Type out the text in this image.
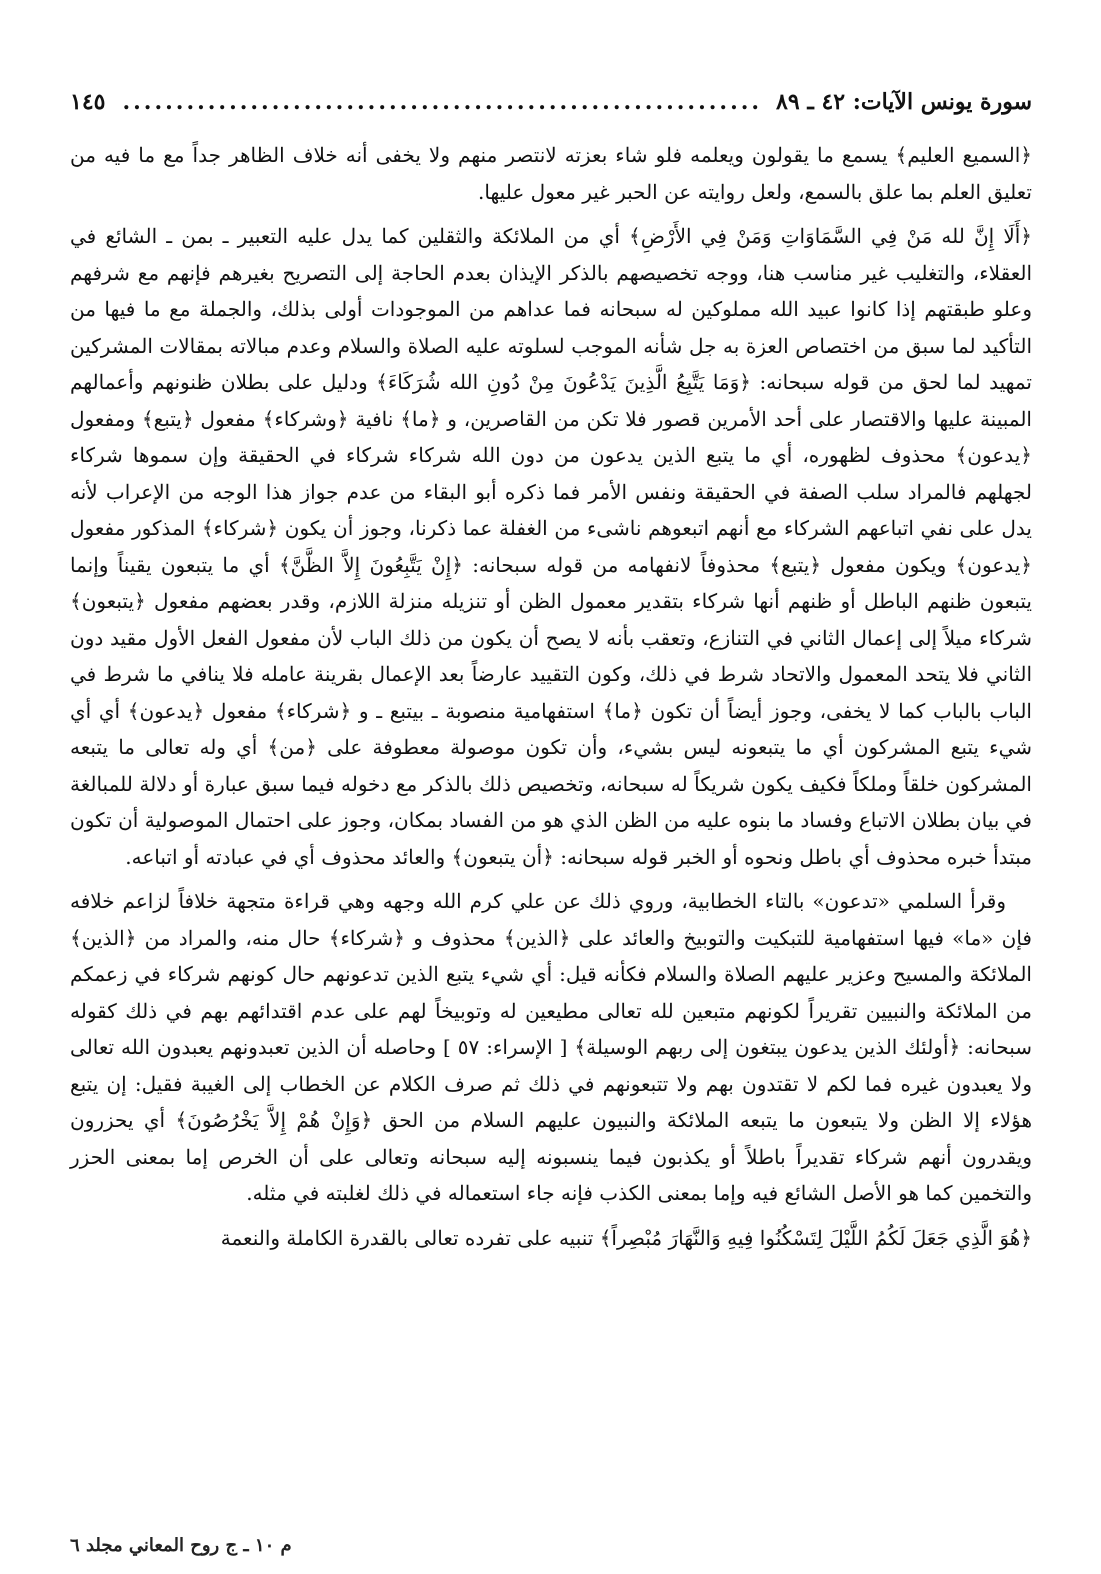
سورة يونس الآيات: ٤٢ ـ ٨٩
.....
١٤٥

﴿السميع العليم﴾ يسمع ما يقولون ويعلمه فلو شاء بعزته لانتصر منهم ولا يخفى أنه خلاف الظاهر جداً مع ما فيه من تعليق العلم بما علق بالسمع، ولعل روايته عن الحبر غير معول عليها.

﴿أَلَا إِنَّ لله مَنْ فِي السَّمَاوَاتِ وَمَنْ فِي الأَرْضِ﴾ أي من الملائكة والثقلين كما يدل عليه التعبير ـ بمن ـ الشائع في العقلاء، والتغليب غير مناسب هنا، ووجه تخصيصهم بالذكر الإيذان بعدم الحاجة إلى التصريح بغيرهم فإنهم مع شرفهم وعلو طبقتهم إذا كانوا عبيد الله مملوكين له سبحانه فما عداهم من الموجودات أولى بذلك، والجملة مع ما فيها من التأكيد لما سبق من اختصاص العزة به جل شأنه الموجب لسلوته عليه الصلاة والسلام وعدم مبالاته بمقالات المشركين تمهيد لما لحق من قوله سبحانه: ﴿وَمَا يَتَّبِعُ الَّذِينَ يَدْعُونَ مِنْ دُونِ الله شُرَكَاءَ﴾ ودليل على بطلان ظنونهم وأعمالهم المبينة عليها والاقتصار على أحد الأمرين قصور فلا تكن من القاصرين، و ﴿ما﴾ نافية ﴿وشركاء﴾ مفعول ﴿يتبع﴾ ومفعول ﴿يدعون﴾ محذوف لظهوره، أي ما يتبع الذين يدعون من دون الله شركاء شركاء في الحقيقة وإن سموها شركاء لجهلهم فالمراد سلب الصفة في الحقيقة ونفس الأمر فما ذكره أبو البقاء من عدم جواز هذا الوجه من الإعراب لأنه يدل على نفي اتباعهم الشركاء مع أنهم اتبعوهم ناشىء من الغفلة عما ذكرنا، وجوز أن يكون ﴿شركاء﴾ المذكور مفعول ﴿يدعون﴾ ويكون مفعول ﴿يتبع﴾ محذوفاً لانفهامه من قوله سبحانه: ﴿إِنْ يَتَّبِعُونَ إِلاَّ الظَّنَّ﴾ أي ما يتبعون يقيناً وإنما يتبعون ظنهم الباطل أو ظنهم أنها شركاء بتقدير معمول الظن أو تنزيله منزلة اللازم، وقدر بعضهم مفعول ﴿يتبعون﴾ شركاء ميلاً إلى إعمال الثاني في التنازع، وتعقب بأنه لا يصح أن يكون من ذلك الباب لأن مفعول الفعل الأول مقيد دون الثاني فلا يتحد المعمول والاتحاد شرط في ذلك، وكون التقييد عارضاً بعد الإعمال بقرينة عامله فلا ينافي ما شرط في الباب بالباب كما لا يخفى، وجوز أيضاً أن تكون ﴿ما﴾ استفهامية منصوبة ـ بيتبع ـ و ﴿شركاء﴾ مفعول ﴿يدعون﴾ أي أي شيء يتبع المشركون أي ما يتبعونه ليس بشيء، وأن تكون موصولة معطوفة على ﴿من﴾ أي وله تعالى ما يتبعه المشركون خلقاً وملكاً فكيف يكون شريكاً له سبحانه، وتخصيص ذلك بالذكر مع دخوله فيما سبق عبارة أو دلالة للمبالغة في بيان بطلان الاتباع وفساد ما بنوه عليه من الظن الذي هو من الفساد بمكان، وجوز على احتمال الموصولية أن تكون مبتدأ خبره محذوف أي باطل ونحوه أو الخبر قوله سبحانه: ﴿أن يتبعون﴾ والعائد محذوف أي في عبادته أو اتباعه.

وقرأ السلمي «تدعون» بالتاء الخطابية، وروي ذلك عن علي كرم الله وجهه وهي قراءة متجهة خلافاً لزاعم خلافه فإن «ما» فيها استفهامية للتبكيت والتوبيخ والعائد على ﴿الذين﴾ محذوف و ﴿شركاء﴾ حال منه، والمراد من ﴿الذين﴾ الملائكة والمسيح وعزير عليهم الصلاة والسلام فكأنه قيل: أي شيء يتبع الذين تدعونهم حال كونهم شركاء في زعمكم من الملائكة والنبيين تقريراً لكونهم متبعين لله تعالى مطيعين له وتوبيخاً لهم على عدم اقتدائهم بهم في ذلك كقوله سبحانه: ﴿أولئك الذين يدعون يبتغون إلى ربهم الوسيلة﴾ [ الإسراء: ٥٧ ] وحاصله أن الذين تعبدونهم يعبدون الله تعالى ولا يعبدون غيره فما لكم لا تقتدون بهم ولا تتبعونهم في ذلك ثم صرف الكلام عن الخطاب إلى الغيبة فقيل: إن يتبع هؤلاء إلا الظن ولا يتبعون ما يتبعه الملائكة والنبيون عليهم السلام من الحق ﴿وَإِنْ هُمْ إِلاَّ يَخْرُصُونَ﴾ أي يحزرون ويقدرون أنهم شركاء تقديراً باطلاً أو يكذبون فيما ينسبونه إليه سبحانه وتعالى على أن الخرص إما بمعنى الحزر والتخمين كما هو الأصل الشائع فيه وإما بمعنى الكذب فإنه جاء استعماله في ذلك لغلبته في مثله.

﴿هُوَ الَّذِي جَعَلَ لَكُمُ اللَّيْلَ لِتَسْكُنُوا فِيهِ وَالنَّهَارَ مُبْصِراً﴾ تنبيه على تفرده تعالى بالقدرة الكاملة والنعمة

م ١٠ ـ ج روح المعاني مجلد ٦
